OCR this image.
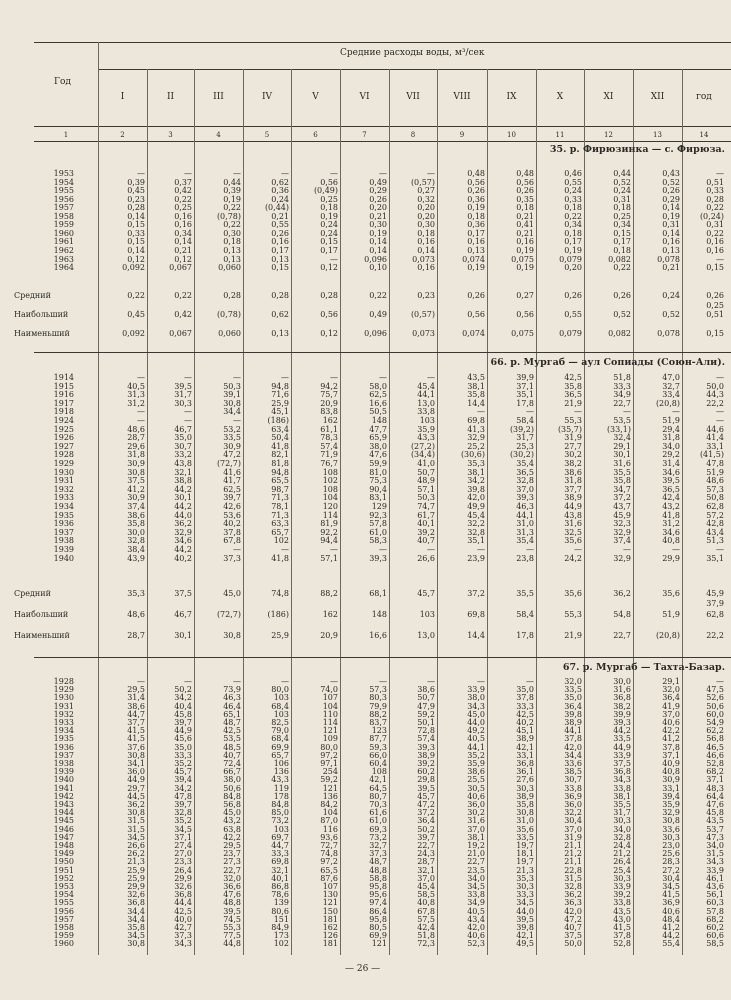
Год
Средние расходы воды, м³/сек
I	II	III	IV	V	VI	VII	VIII	IX	X	XI	XII	год
1	2	3	4	5	6	7	8	9	10	11	12	13	14
35. р. Фирюзинка — с. Фирюза.
66. р. Мургаб — аул Сопиады (Союн-Али).
67. р. Мургаб — Тахта-Базар.
1953	—	—	—	—	—	—	—	0,48	0,48	0,46	0,44	0,43	—
1954	0,39	0,37	0,44	0,62	0,56	0,49	(0,57)	0,56	0,56	0,55	0,52	0,52	0,51
1955	0,45	0,42	0,39	0,36	(0,49)	0,29	0,27	0,26	0,26	0,24	0,24	0,26	0,33
1956	0,23	0,22	0,19	0,24	0,25	0,26	0,32	0,36	0,35	0,33	0,31	0,29	0,28
1957	0,28	0,25	0,22	(0,44)	0,18	0,20	0,20	0,19	0,18	0,18	0,18	0,14	0,22
1958	0,14	0,16	(0,78)	0,21	0,19	0,21	0,20	0,18	0,21	0,22	0,25	0,19	(0,24)
1959	0,15	0,16	0,22	0,55	0,24	0,30	0,30	0,36	0,41	0,34	0,34	0,31	0,31
1960	0,33	0,34	0,30	0,26	0,24	0,19	0,18	0,17	0,21	0,18	0,15	0,14	0,22
1961	0,15	0,14	0,18	0,16	0,15	0,14	0,16	0,16	0,16	0,17	0,17	0,16	0,16
1962	0,14	0,21	0,13	0,17	0,17	0,14	0,14	0,13	0,19	0,19	0,18	0,13	0,16
1963	0,12	0,12	0,13	0,13	—	0,096	0,073	0,074	0,075	0,079	0,082	0,078	—
1964	0,092	0,067	0,060	0,15	0,12	0,10	0,16	0,19	0,19	0,20	0,22	0,21	0,15
Средний	0,22	0,22	0,28	0,28	0,28	0,22	0,23	0,26	0,27	0,26	0,26	0,24	0,26
0,25
Наибольший	0,45	0,42	(0,78)	0,62	0,56	0,49	(0,57)	0,56	0,56	0,55	0,52	0,52	0,51
Наименьший	0,092	0,067	0,060	0,13	0,12	0,096	0,073	0,074	0,075	0,079	0,082	0,078	0,15
1914	—	—	—	—	—	—	—	43,5	39,9	42,5	51,8	47,0	—
1915	40,5	39,5	50,3	94,8	94,2	58,0	45,4	38,1	37,1	35,8	33,3	32,7	50,0
1916	31,3	31,7	39,1	71,6	75,7	62,5	44,1	35,8	35,1	36,5	34,9	33,4	44,3
1917	31,2	30,3	30,8	25,9	20,9	16,6	13,0	14,4	17,8	21,9	22,7	(20,8)	22,2
1918	—	—	34,4	45,1	83,8	50,5	33,8	—	—	—	—	—	—
1924	—	—	—	(186)	162	148	103	69,8	58,4	55,3	53,5	51,9	—
1925	48,6	46,7	53,2	63,4	61,1	47,7	35,9	41,3	(39,2)	(35,7)	(33,1)	29,4	44,6
1926	28,7	35,0	33,5	50,4	78,3	65,9	43,3	32,9	31,7	31,9	32,4	31,8	41,4
1927	29,6	30,7	30,9	41,8	57,4	38,0	(27,2)	25,2	25,3	27,7	29,1	34,0	33,1
1928	31,8	33,2	47,2	82,1	71,9	47,6	(34,4)	(30,6)	(30,2)	30,2	30,1	29,2	(41,5)
1929	30,9	43,8	(72,7)	81,8	76,7	59,9	41,0	35,3	35,4	38,2	31,6	31,4	47,8
1930	30,8	32,1	41,6	94,8	108	81,0	50,7	38,1	36,5	38,6	35,5	34,6	51,9
1931	37,5	38,8	41,7	65,5	102	75,3	48,9	34,2	32,8	31,8	35,8	39,5	48,6
1932	41,2	44,2	62,5	98,7	108	90,4	57,1	39,8	37,0	37,7	34,7	36,5	57,3
1933	30,9	30,1	39,7	71,3	104	83,1	50,3	42,0	39,3	38,9	37,2	42,4	50,8
1934	37,4	44,2	42,6	78,1	120	129	74,7	49,9	46,3	44,9	43,7	43,2	62,8
1935	38,6	44,0	53,6	71,3	114	92,3	61,7	45,4	44,1	43,8	45,9	41,8	57,2
1936	35,8	36,2	40,2	63,3	81,9	57,8	40,1	32,2	31,0	31,6	32,3	31,2	42,8
1937	30,0	32,9	37,8	65,7	92,2	61,0	39,2	32,8	31,3	32,5	32,9	34,6	43,4
1938	32,8	34,6	67,8	102	94,4	58,3	40,7	35,1	35,4	35,6	37,4	40,8	51,3
1939	38,4	44,2	—	—	—	—	—	—	—	—	—	—	—
1940	43,9	40,2	37,3	41,8	57,1	39,3	26,6	23,9	23,8	24,2	32,9	29,9	35,1
Средний	35,3	37,5	45,0	74,8	88,2	68,1	45,7	37,2	35,5	35,6	36,2	35,6	45,9
37,9
Наибольший	48,6	46,7	(72,7)	(186)	162	148	103	69,8	58,4	55,3	54,8	51,9	62,8
Наименьший	28,7	30,1	30,8	25,9	20,9	16,6	13,0	14,4	17,8	21,9	22,7	(20,8)	22,2
1928	—	—	—	—	—	—	—	—	—	32,0	30,0	29,1	—
1929	29,5	50,2	73,9	80,0	74,0	57,3	38,6	33,9	35,0	33,5	31,6	32,0	47,5
1930	31,4	34,2	46,3	103	107	80,3	50,7	38,0	37,8	35,0	36,8	36,4	52,6
1931	38,6	40,4	46,4	68,4	104	79,9	47,9	34,3	33,3	36,4	38,2	41,9	50,6
1932	44,7	45,8	65,1	103	110	88,2	59,2	45,0	42,5	39,8	39,9	37,0	60,0
1933	37,7	39,7	48,7	82,5	114	83,7	50,1	44,0	40,2	38,9	39,3	40,6	54,9
1934	41,5	44,9	42,5	79,0	121	123	72,8	49,2	45,1	44,1	44,2	42,2	62,2
1935	41,5	45,6	53,5	68,4	109	87,7	57,4	40,5	38,9	37,8	33,5	41,2	56,8
1936	37,6	35,0	48,5	69,9	80,0	59,3	39,3	44,1	42,1	42,0	44,9	37,8	46,5
1937	30,8	33,3	40,7	65,7	97,2	66,0	38,9	35,2	33,1	34,4	33,9	37,1	46,6
1938	34,1	35,2	72,4	106	97,1	60,4	39,2	35,9	36,8	33,6	37,5	40,9	52,8
1939	36,0	45,7	66,7	136	254	108	60,2	38,6	36,1	38,5	36,8	40,8	68,2
1940	44,9	39,4	38,0	43,3	59,2	42,1	29,8	25,5	27,6	30,7	34,3	30,9	37,1
1941	29,7	34,2	50,6	119	121	64,5	39,5	30,5	30,3	33,8	33,8	33,1	48,3
1942	44,5	47,8	84,8	178	136	80,7	45,7	40,6	38,9	36,9	38,1	39,4	64,4
1943	36,2	39,7	56,8	84,8	84,2	70,3	47,2	36,0	35,8	36,0	35,5	35,9	47,6
1944	30,8	32,8	45,0	85,0	104	61,6	37,2	30,2	30,8	32,2	31,7	32,9	45,8
1945	31,5	35,2	43,2	73,2	87,0	61,0	36,4	31,6	31,0	30,4	30,3	30,8	43,5
1946	31,5	34,5	63,8	103	116	69,3	50,2	37,0	35,6	37,0	34,0	33,6	53,7
1947	34,5	37,1	42,2	69,7	93,6	73,2	39,7	38,1	33,5	31,9	32,8	30,3	47,3
1948	26,6	27,4	29,5	44,7	72,7	32,7	22,7	19,2	19,7	21,1	24,4	23,0	34,0
1949	26,2	27,0	23,7	33,3	74,8	37,3	24,3	21,0	18,1	21,2	21,2	25,6	31,5
1950	21,3	23,3	27,3	69,8	97,2	48,7	28,7	22,7	19,7	21,1	26,4	28,3	34,3
1951	25,9	26,4	22,7	32,1	65,5	48,8	32,1	23,5	21,3	22,8	25,4	27,2	33,9
1952	25,9	29,9	32,0	40,1	87,6	58,8	37,0	34,0	35,3	31,5	30,3	30,4	46,1
1953	29,9	32,6	36,6	86,8	107	95,8	45,4	34,5	30,3	32,8	33,9	34,5	43,6
1954	32,6	36,8	47,6	78,6	130	95,6	58,5	33,8	33,3	36,2	39,2	41,5	56,1
1955	36,8	44,4	48,8	139	121	97,4	40,8	34,9	34,5	36,3	33,8	36,9	60,3
1956	34,4	42,5	39,5	80,6	150	86,4	67,8	40,5	44,0	42,0	43,5	40,6	57,8
1957	34,4	40,0	74,5	151	181	95,8	57,5	43,4	39,5	47,2	43,0	48,4	68,2
1958	35,8	42,7	55,3	84,9	162	80,5	42,4	42,0	39,8	40,7	41,5	41,2	60,2
1959	34,5	37,3	77,5	173	126	69,9	51,8	40,6	42,1	37,5	37,8	44,2	60,6
1960	30,8	34,3	44,8	102	181	121	72,3	52,3	49,5	50,0	52,8	55,4	58,5
— 26 —
